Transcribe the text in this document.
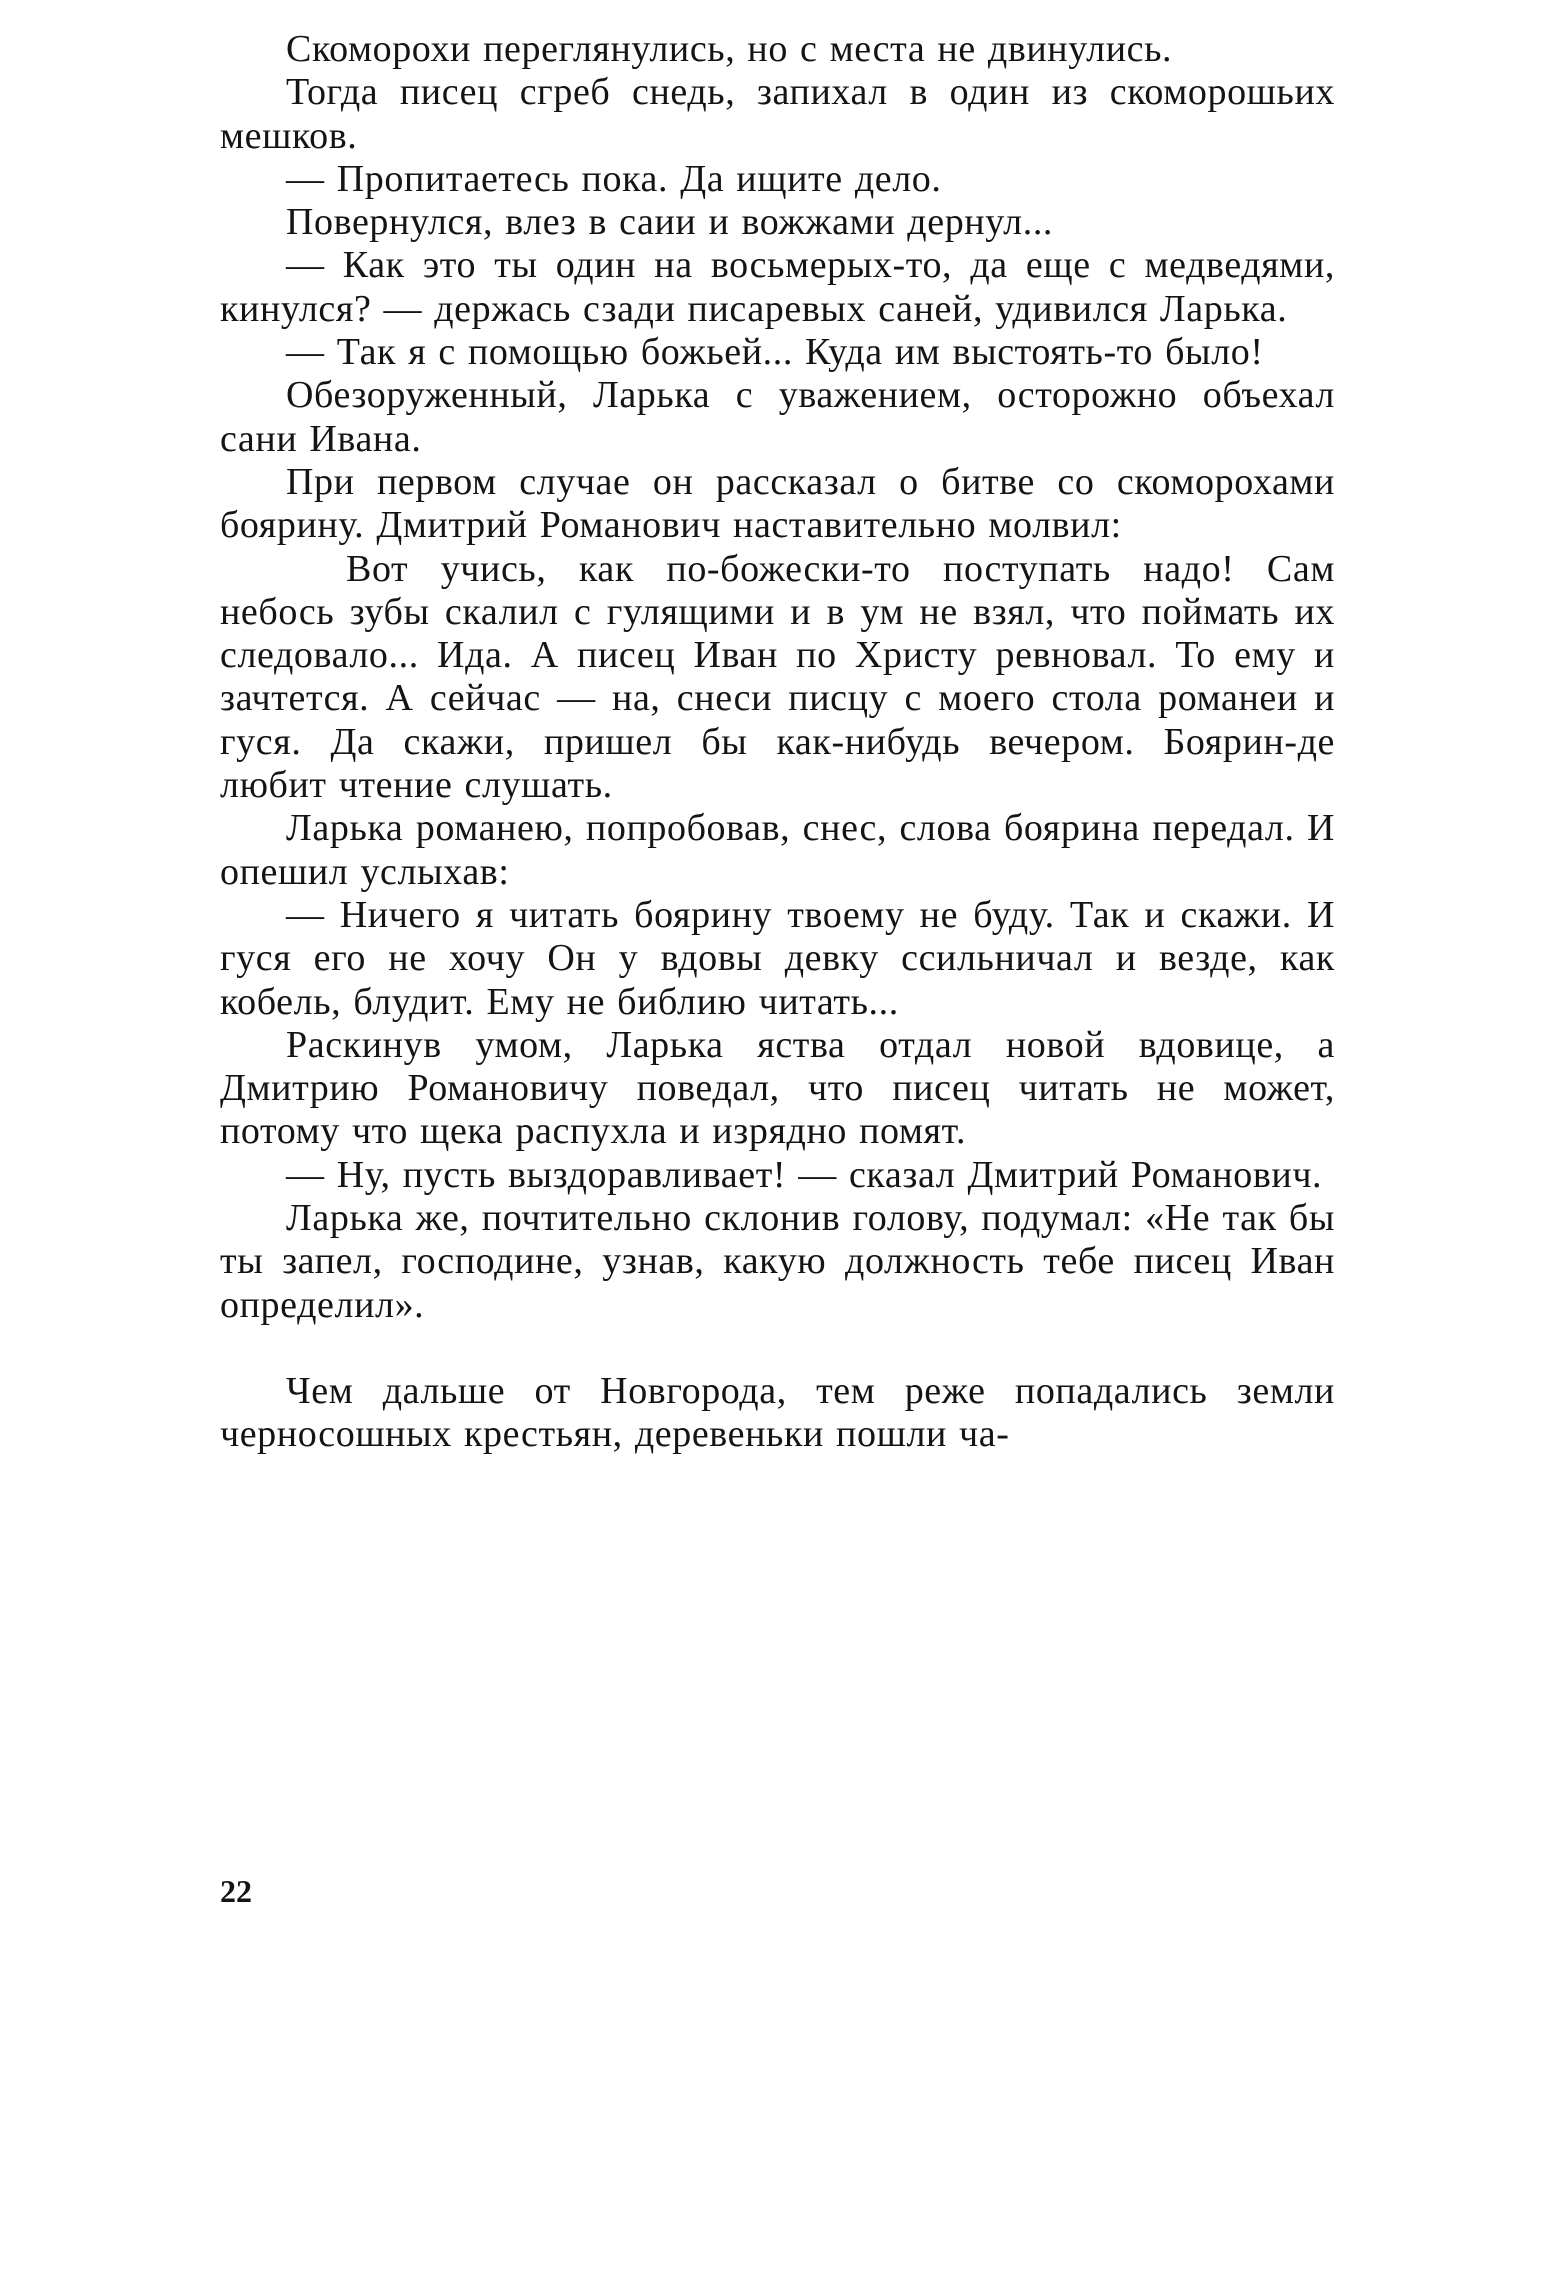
Скоморохи переглянулись, но с места не двинулись.

Тогда писец сгреб снедь, запихал в один из скоморошьих мешков.

— Пропитаетесь пока. Да ищите дело.

Повернулся, влез в саии и вожжами дернул...

— Как это ты один на восьмерых-то, да еще с медведями, кинулся? — держась сзади писаревых саней, удивился Ларька.

— Так я с помощью божьей... Куда им выстоять-то было!

Обезоруженный, Ларька с уважением, осторожно объехал сани Ивана.

При первом случае он рассказал о битве со скоморохами боярину. Дмитрий Романович наставительно молвил:

Вот учись, как по-божески-то поступать надо! Сам небось зубы скалил с гулящими и в ум не взял, что поймать их следовало... Ида. А писец Иван по Христу ревновал. То ему и зачтется. А сейчас — на, снеси писцу с моего стола романеи и гуся. Да скажи, пришел бы как-нибудь вечером. Боярин-де любит чтение слушать.

Ларька романею, попробовав, снес, слова боярина передал. И опешил услыхав:

— Ничего я читать боярину твоему не буду. Так и скажи. И гуся его не хочу Он у вдовы девку ссильничал и везде, как кобель, блудит. Ему не библию читать...

Раскинув умом, Ларька яства отдал новой вдовице, а Дмитрию Романовичу поведал, что писец читать не может, потому что щека распухла и изрядно помят.

— Ну, пусть выздоравливает! — сказал Дмитрий Романович.

Ларька же, почтительно склонив голову, подумал: «Не так бы ты запел, господине, узнав, какую должность тебе писец Иван определил».

Чем дальше от Новгорода, тем реже попадались земли черносошных крестьян, деревеньки пошли ча-

22
